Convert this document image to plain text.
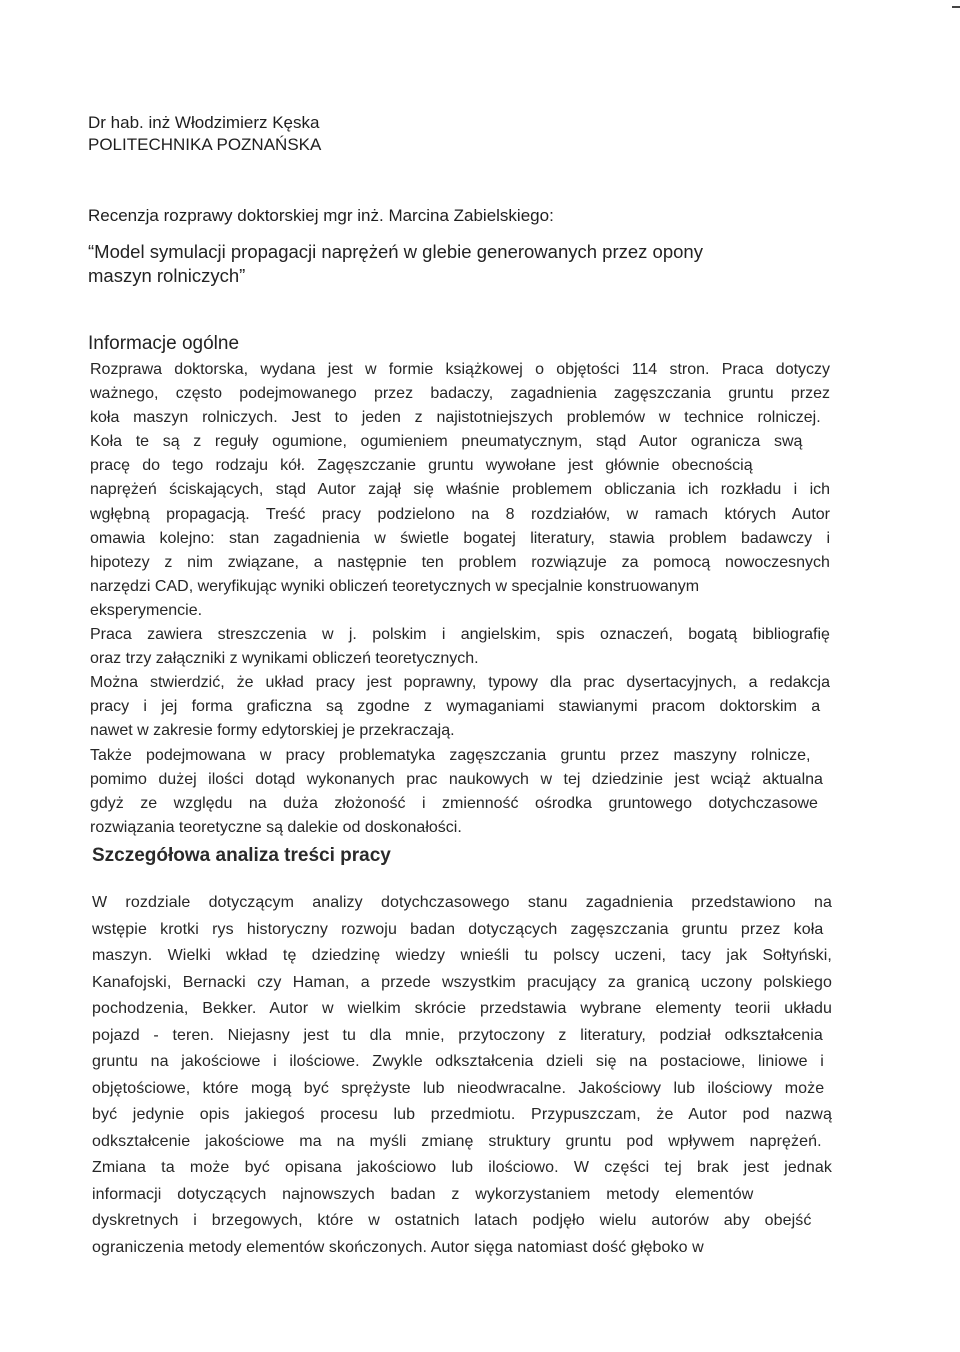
Dr hab. inż Włodzimierz Kęska
POLITECHNIKA POZNAŃSKA
Recenzja rozprawy doktorskiej mgr inż. Marcina Zabielskiego:
“Model symulacji propagacji naprężeń w glebie generowanych przez opony
maszyn rolniczych”
Informacje ogólne
Rozprawa doktorska, wydana jest w formie książkowej o objętości 114 stron. Praca dotyczy
ważnego, często podejmowanego przez badaczy, zagadnienia zagęszczania gruntu przez
koła maszyn rolniczych. Jest to jeden z najistotniejszych problemów w technice rolniczej.
Koła te są z reguły ogumione, ogumieniem pneumatycznym, stąd Autor ogranicza swą
pracę do tego rodzaju kół. Zagęszczanie gruntu wywołane jest głównie obecnością
naprężeń ściskających, stąd Autor zajął się właśnie problemem obliczania ich rozkładu i ich
wgłębną propagacją. Treść pracy podzielono na 8 rozdziałów, w ramach których Autor
omawia kolejno: stan zagadnienia w świetle bogatej literatury, stawia problem badawczy i
hipotezy z nim związane, a następnie ten problem rozwiązuje za pomocą nowoczesnych
narzędzi CAD, weryfikując wyniki obliczeń teoretycznych w specjalnie konstruowanym
eksperymencie.
Praca zawiera streszczenia w j. polskim i angielskim, spis oznaczeń, bogatą bibliografię
oraz trzy załączniki z wynikami obliczeń teoretycznych.
Można stwierdzić, że układ pracy jest poprawny, typowy dla prac dysertacyjnych, a redakcja
pracy i jej forma graficzna są zgodne z wymaganiami stawianymi pracom doktorskim a
nawet w zakresie formy edytorskiej je przekraczają.
Także podejmowana w pracy problematyka zagęszczania gruntu przez maszyny rolnicze,
pomimo dużej ilości dotąd wykonanych prac naukowych w tej dziedzinie jest wciąż aktualna
gdyż ze względu na duża złożoność i zmienność ośrodka gruntowego dotychczasowe
rozwiązania teoretyczne są dalekie od doskonałości.
Szczegółowa analiza treści pracy
W rozdziale dotyczącym analizy dotychczasowego stanu zagadnienia przedstawiono na
wstępie krotki rys historyczny rozwoju badan dotyczących zagęszczania gruntu przez koła
maszyn. Wielki wkład tę dziedzinę wiedzy wnieśli tu polscy uczeni, tacy jak Sołtyński,
Kanafojski, Bernacki czy Haman, a przede wszystkim pracujący za granicą uczony polskiego
pochodzenia, Bekker. Autor w wielkim skrócie przedstawia wybrane elementy teorii układu
pojazd - teren. Niejasny jest tu dla mnie, przytoczony z literatury, podział odkształcenia
gruntu na jakościowe i ilościowe. Zwykle odkształcenia dzieli się na postaciowe, liniowe i
objętościowe, które mogą być sprężyste lub nieodwracalne. Jakościowy lub ilościowy może
być jedynie opis jakiegoś procesu lub przedmiotu. Przypuszczam, że Autor pod nazwą
odkształcenie jakościowe ma na myśli zmianę struktury gruntu pod wpływem naprężeń.
Zmiana ta może być opisana jakościowo lub ilościowo. W części tej brak jest jednak
informacji dotyczących najnowszych badan z wykorzystaniem metody elementów
dyskretnych i brzegowych, które w ostatnich latach podjęło wielu autorów aby obejść
ograniczenia metody elementów skończonych. Autor sięga natomiast dość głęboko w
